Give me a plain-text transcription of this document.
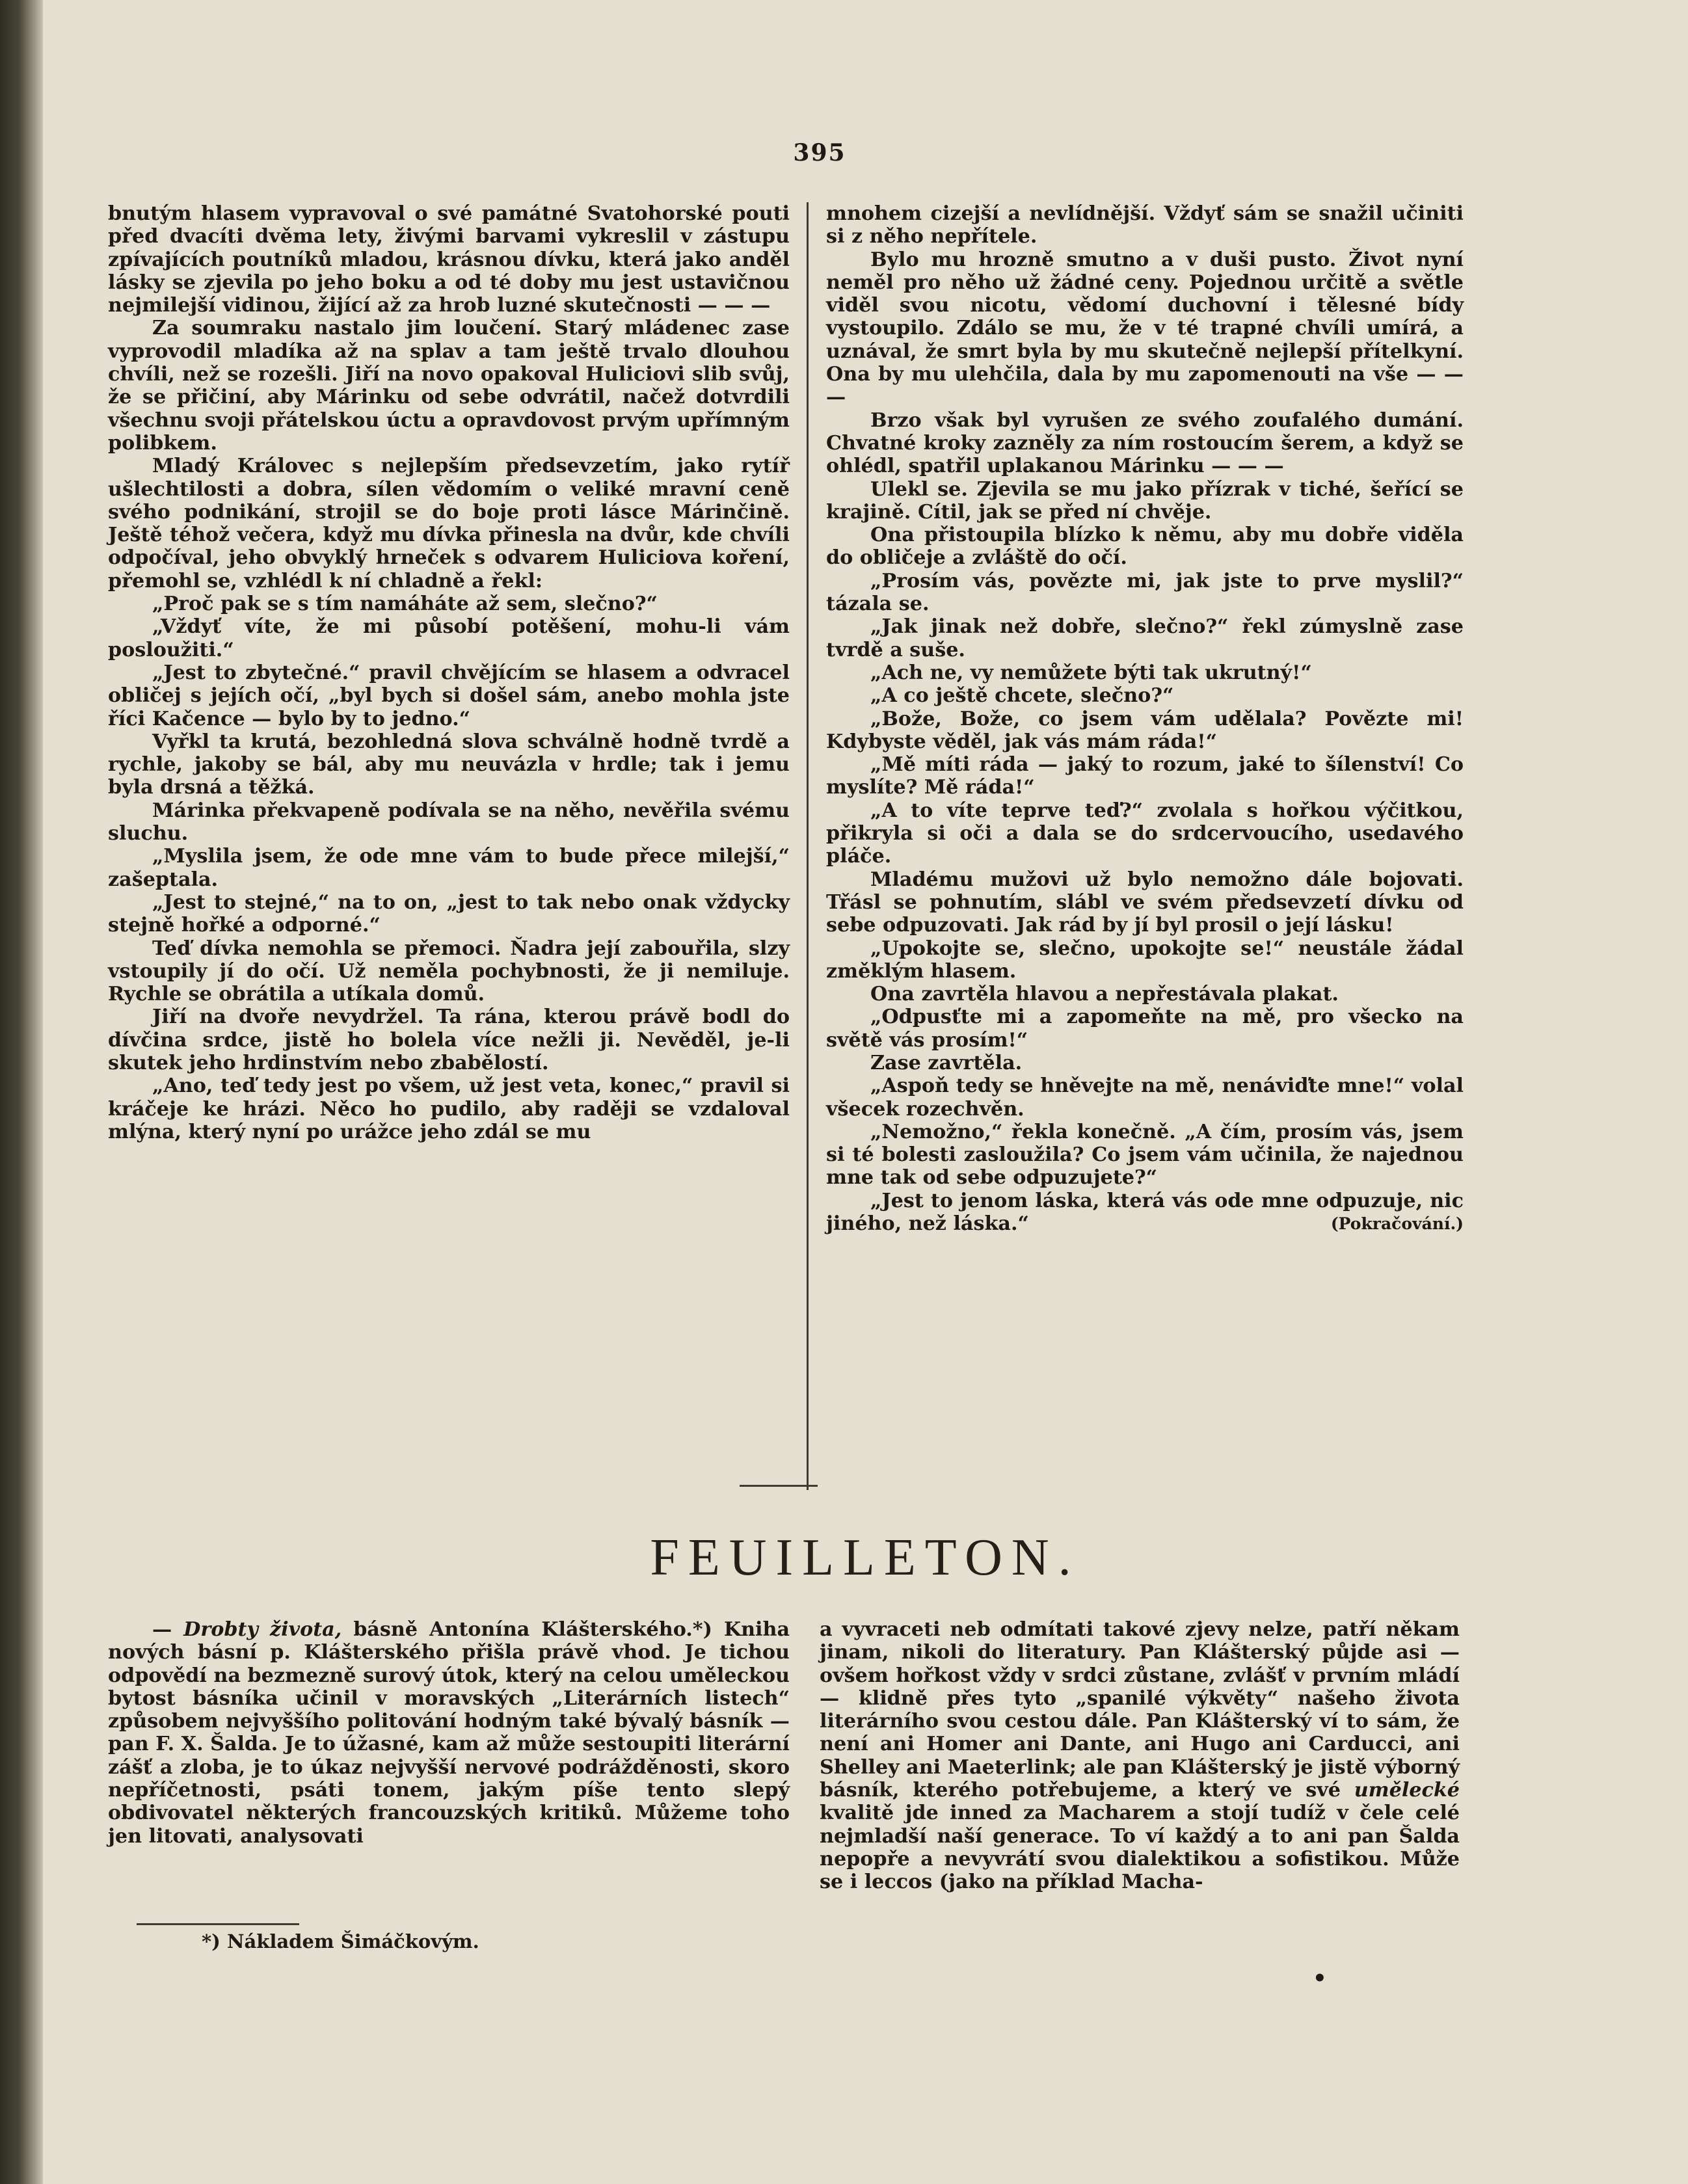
395

bnutým hlasem vypravoval o své památné Svatohorské pouti před dvacíti dvěma lety, živými barvami vykreslil v zástupu zpívajících poutníků mladou, krásnou dívku, která jako anděl lásky se zjevila po jeho boku a od té doby mu jest ustavičnou nejmilejší vidinou, žijící až za hrob luzné skutečnosti — — —

Za soumraku nastalo jim loučení. Starý mládenec zase vyprovodil mladíka až na splav a tam ještě trvalo dlouhou chvíli, než se rozešli. Jiří na novo opakoval Huliciovi slib svůj, že se přičiní, aby Márinku od sebe odvrátil, načež dotvrdili všechnu svoji přátelskou úctu a opravdovost prvým upřímným polibkem.

Mladý Královec s nejlepším předsevzetím, jako rytíř ušlechtilosti a dobra, sílen vědomím o veliké mravní ceně svého podnikání, strojil se do boje proti lásce Márinčině. Ještě téhož večera, když mu dívka přinesla na dvůr, kde chvíli odpočíval, jeho obvyklý hrneček s odvarem Huliciova koření, přemohl se, vzhlédl k ní chladně a řekl:

„Proč pak se s tím namáháte až sem, slečno?“

„Vždyť víte, že mi působí potěšení, mohu-li vám posloužiti.“

„Jest to zbytečné.“ pravil chvějícím se hlasem a odvracel obličej s jejích očí, „byl bych si došel sám, anebo mohla jste říci Kačence — bylo by to jedno.“

Vyřkl ta krutá, bezohledná slova schválně hodně tvrdě a rychle, jakoby se bál, aby mu neuvázla v hrdle; tak i jemu byla drsná a těžká.

Márinka překvapeně podívala se na něho, nevěřila svému sluchu.

„Myslila jsem, že ode mne vám to bude přece milejší,“ zašeptala.

„Jest to stejné,“ na to on, „jest to tak nebo onak vždycky stejně hořké a odporné.“

Teď dívka nemohla se přemoci. Ňadra její zabouřila, slzy vstoupily jí do očí. Už neměla pochybnosti, že ji nemiluje. Rychle se obrátila a utíkala domů.

Jiří na dvoře nevydržel. Ta rána, kterou právě bodl do dívčina srdce, jistě ho bolela více nežli ji. Nevěděl, je-li skutek jeho hrdinstvím nebo zbabělostí.

„Ano, teď tedy jest po všem, už jest veta, konec,“ pravil si kráčeje ke hrázi. Něco ho pudilo, aby raději se vzdaloval mlýna, který nyní po urážce jeho zdál se mu

mnohem cizejší a nevlídnější. Vždyť sám se snažil učiniti si z něho nepřítele.

Bylo mu hrozně smutno a v duši pusto. Život nyní neměl pro něho už žádné ceny. Pojednou určitě a světle viděl svou nicotu, vědomí duchovní i tělesné bídy vystoupilo. Zdálo se mu, že v té trapné chvíli umírá, a uznával, že smrt byla by mu skutečně nejlepší přítelkyní. Ona by mu ulehčila, dala by mu zapomenouti na vše — — —

Brzo však byl vyrušen ze svého zoufalého dumání. Chvatné kroky zazněly za ním rostoucím šerem, a když se ohlédl, spatřil uplakanou Márinku — — —

Ulekl se. Zjevila se mu jako přízrak v tiché, šeřící se krajině. Cítil, jak se před ní chvěje.

Ona přistoupila blízko k němu, aby mu dobře viděla do obličeje a zvláště do očí.

„Prosím vás, povězte mi, jak jste to prve myslil?“ tázala se.

„Jak jinak než dobře, slečno?“ řekl zúmyslně zase tvrdě a suše.

„Ach ne, vy nemůžete býti tak ukrutný!“

„A co ještě chcete, slečno?“

„Bože, Bože, co jsem vám udělala? Povězte mi! Kdybyste věděl, jak vás mám ráda!“

„Mě míti ráda — jaký to rozum, jaké to šílenství! Co myslíte? Mě ráda!“

„A to víte teprve teď?“ zvolala s hořkou výčitkou, přikryla si oči a dala se do srdcervoucího, usedavého pláče.

Mladému mužovi už bylo nemožno dále bojovati. Třásl se pohnutím, slábl ve svém předsevzetí dívku od sebe odpuzovati. Jak rád by jí byl prosil o její lásku!

„Upokojte se, slečno, upokojte se!“ neustále žádal změklým hlasem.

Ona zavrtěla hlavou a nepřestávala plakat.

„Odpusťte mi a zapomeňte na mě, pro všecko na světě vás prosím!“

Zase zavrtěla.

„Aspoň tedy se hněvejte na mě, nenáviďte mne!“ volal všecek rozechvěn.

„Nemožno,“ řekla konečně. „A čím, prosím vás, jsem si té bolesti zasloužila? Co jsem vám učinila, že najednou mne tak od sebe odpuzujete?“

„Jest to jenom láska, která vás ode mne odpuzuje, nic jiného, než láska.“	(Pokračování.)

FEUILLETON.

— Drobty života, básně Antonína Klášterského.*) Kniha nových básní p. Klášterského přišla právě vhod. Je tichou odpovědí na bezmezně surový útok, který na celou uměleckou bytost básníka učinil v moravských „Literárních listech“ způsobem nejvyššího politování hodným také bývalý básník — pan F. X. Šalda. Je to úžasné, kam až může sestoupiti literární zášť a zloba, je to úkaz nejvyšší nervové podrážděnosti, skoro nepříčetnosti, psáti tonem, jakým píše tento slepý obdivovatel některých francouzských kritiků. Můžeme toho jen litovati, analysovati

a vyvraceti neb odmítati takové zjevy nelze, patří někam jinam, nikoli do literatury. Pan Klášterský půjde asi — ovšem hořkost vždy v srdci zůstane, zvlášť v prvním mládí — klidně přes tyto „spanilé výkvěty“ našeho života literárního svou cestou dále. Pan Klášterský ví to sám, že není ani Homer ani Dante, ani Hugo ani Carducci, ani Shelley ani Maeterlink; ale pan Klášterský je jistě výborný básník, kterého potřebujeme, a který ve své umělecké kvalitě jde inned za Macharem a stojí tudíž v čele celé nejmladší naší generace. To ví každý a to ani pan Šalda nepopře a nevyvrátí svou dialektikou a sofistikou. Může se i leccos (jako na příklad Macha-

*) Nákladem Šimáčkovým.
•
